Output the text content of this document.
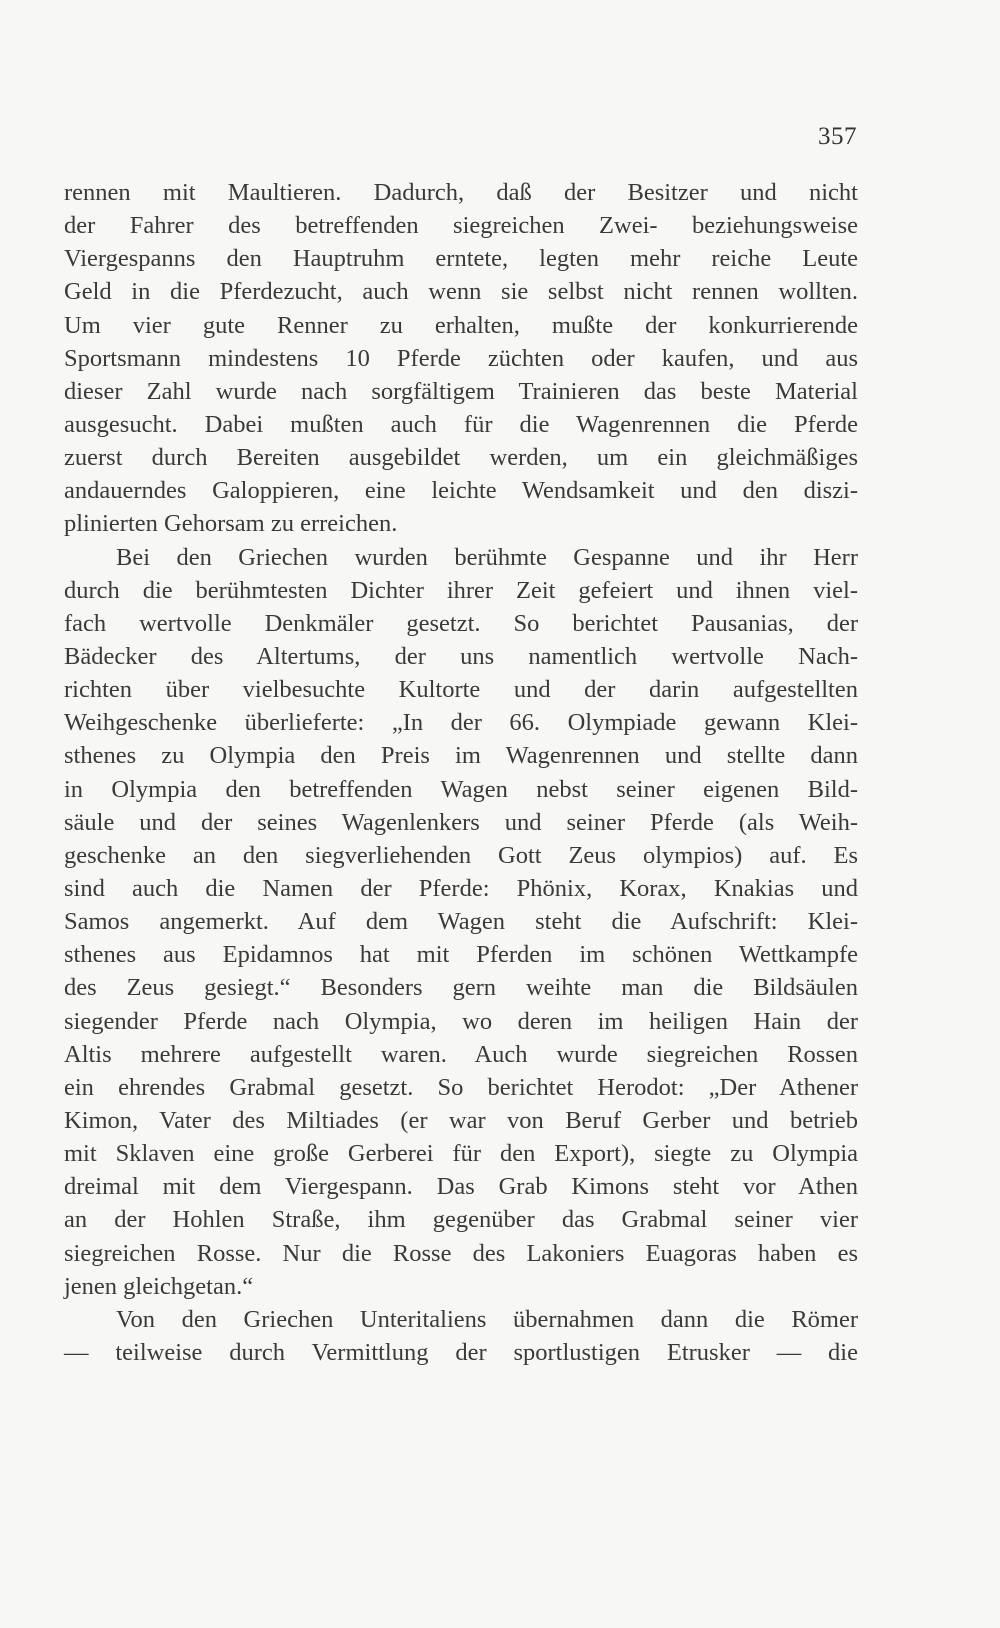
357
rennen mit Maultieren. Dadurch, daß der Besitzer und nicht
der Fahrer des betreffenden siegreichen Zwei- beziehungsweise
Viergespanns den Hauptruhm erntete, legten mehr reiche Leute
Geld in die Pferdezucht, auch wenn sie selbst nicht rennen wollten.
Um vier gute Renner zu erhalten, mußte der konkurrierende
Sportsmann mindestens 10 Pferde züchten oder kaufen, und aus
dieser Zahl wurde nach sorgfältigem Trainieren das beste Material
ausgesucht. Dabei mußten auch für die Wagenrennen die Pferde
zuerst durch Bereiten ausgebildet werden, um ein gleichmäßiges
andauerndes Galoppieren, eine leichte Wendsamkeit und den diszi-
plinierten Gehorsam zu erreichen.
Bei den Griechen wurden berühmte Gespanne und ihr Herr
durch die berühmtesten Dichter ihrer Zeit gefeiert und ihnen viel-
fach wertvolle Denkmäler gesetzt. So berichtet Pausanias, der
Bädecker des Altertums, der uns namentlich wertvolle Nach-
richten über vielbesuchte Kultorte und der darin aufgestellten
Weihgeschenke überlieferte: „In der 66. Olympiade gewann Klei-
sthenes zu Olympia den Preis im Wagenrennen und stellte dann
in Olympia den betreffenden Wagen nebst seiner eigenen Bild-
säule und der seines Wagenlenkers und seiner Pferde (als Weih-
geschenke an den siegverliehenden Gott Zeus olympios) auf. Es
sind auch die Namen der Pferde: Phönix, Korax, Knakias und
Samos angemerkt. Auf dem Wagen steht die Aufschrift: Klei-
sthenes aus Epidamnos hat mit Pferden im schönen Wettkampfe
des Zeus gesiegt.“ Besonders gern weihte man die Bildsäulen
siegender Pferde nach Olympia, wo deren im heiligen Hain der
Altis mehrere aufgestellt waren. Auch wurde siegreichen Rossen
ein ehrendes Grabmal gesetzt. So berichtet Herodot: „Der Athener
Kimon, Vater des Miltiades (er war von Beruf Gerber und betrieb
mit Sklaven eine große Gerberei für den Export), siegte zu Olympia
dreimal mit dem Viergespann. Das Grab Kimons steht vor Athen
an der Hohlen Straße, ihm gegenüber das Grabmal seiner vier
siegreichen Rosse. Nur die Rosse des Lakoniers Euagoras haben es
jenen gleichgetan.“
Von den Griechen Unteritaliens übernahmen dann die Römer
— teilweise durch Vermittlung der sportlustigen Etrusker — die
